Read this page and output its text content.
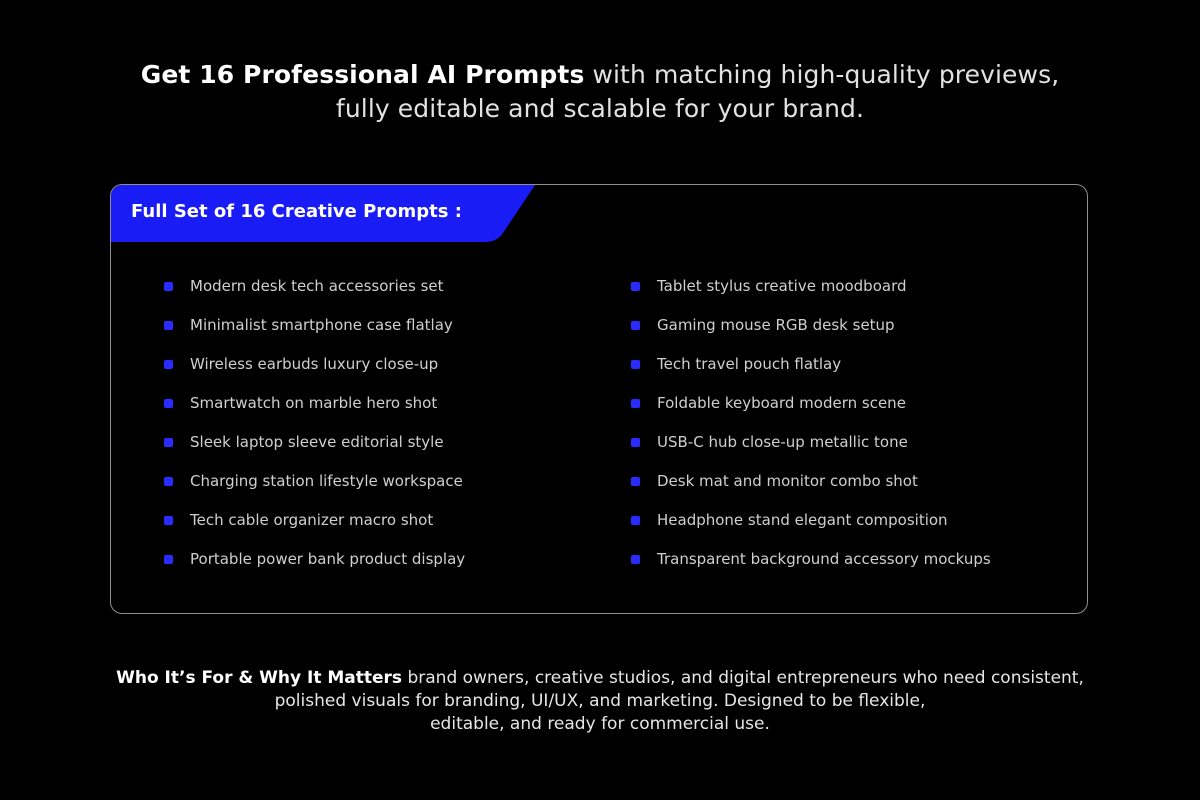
Get 16 Professional AI Prompts with matching high-quality previews,
fully editable and scalable for your brand.
Full Set of 16 Creative Prompts :
Modern desk tech accessories set
Minimalist smartphone case flatlay
Wireless earbuds luxury close-up
Smartwatch on marble hero shot
Sleek laptop sleeve editorial style
Charging station lifestyle workspace
Tech cable organizer macro shot
Portable power bank product display
Tablet stylus creative moodboard
Gaming mouse RGB desk setup
Tech travel pouch flatlay
Foldable keyboard modern scene
USB-C hub close-up metallic tone
Desk mat and monitor combo shot
Headphone stand elegant composition
Transparent background accessory mockups
Who It’s For & Why It Matters brand owners, creative studios, and digital entrepreneurs who need consistent,
polished visuals for branding, UI/UX, and marketing. Designed to be flexible,
editable, and ready for commercial use.
